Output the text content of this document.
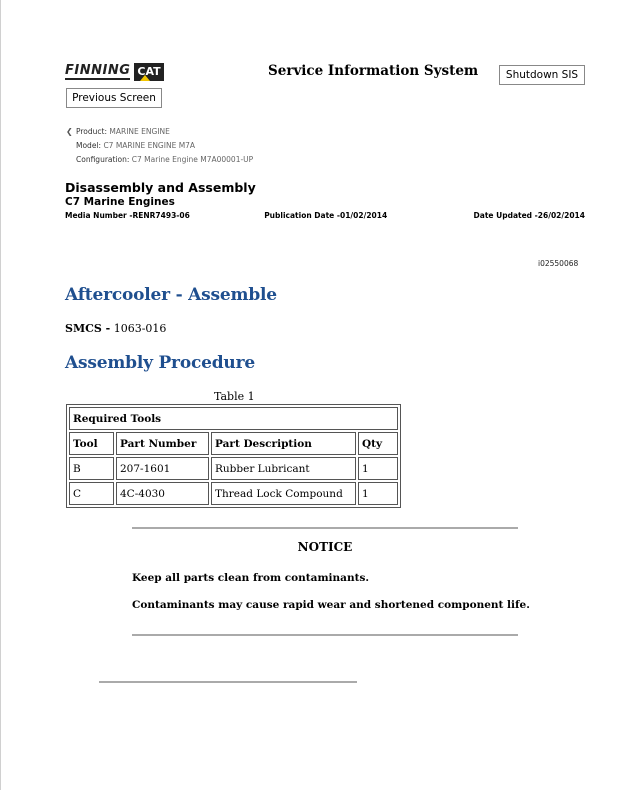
FINNING CAT	Service Information System	Shutdown SIS
Previous Screen
❮ Product: MARINE ENGINE
Model: C7 MARINE ENGINE M7A
Configuration: C7 Marine Engine M7A00001-UP
Disassembly and Assembly
C7 Marine Engines
Media Number -RENR7493-06	Publication Date -01/02/2014	Date Updated -26/02/2014
i02550068
Aftercooler - Assemble
SMCS - 1063-016
Assembly Procedure
Table 1
Required Tools			
Tool	Part Number	Part Description	Qty
B	207-1601	Rubber Lubricant	1
C	4C-4030	Thread Lock Compound	1
NOTICE
Keep all parts clean from contaminants.
Contaminants may cause rapid wear and shortened component life.
